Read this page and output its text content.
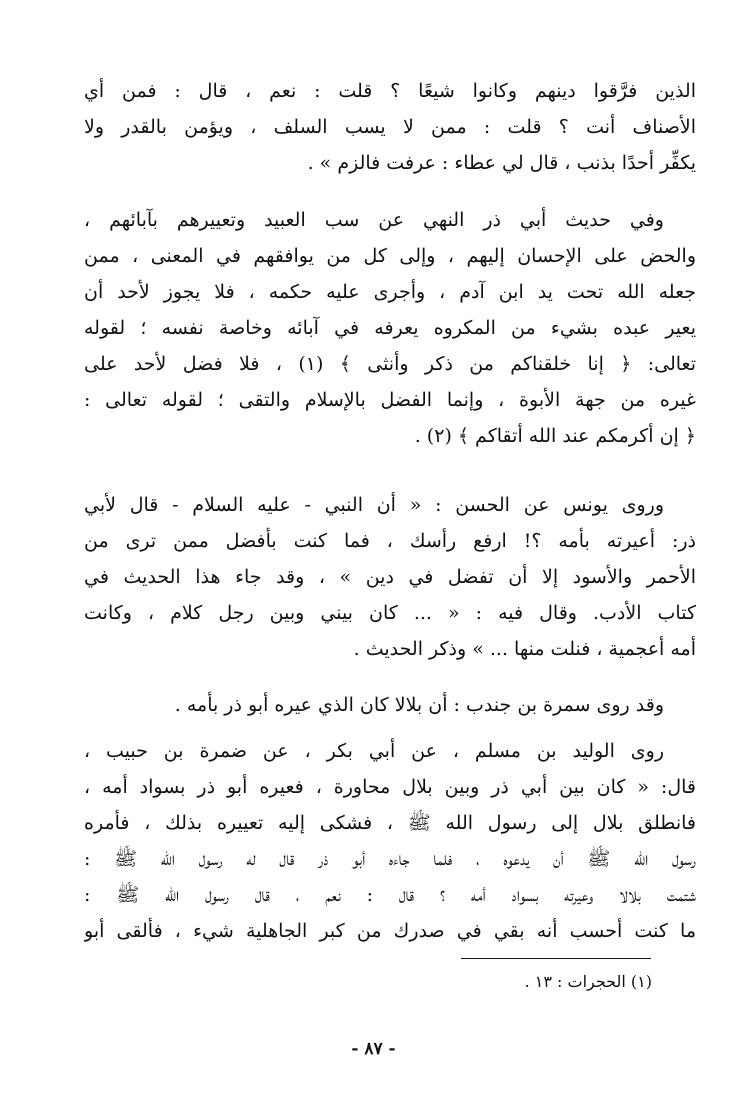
الذين فرَّقوا دينهم وكانوا شيعًا ؟ قلت : نعم ، قال : فمن أي
الأصناف أنت ؟ قلت : ممن لا يسب السلف ، ويؤمن بالقدر ولا
يكفِّر أحدًا بذنب ، قال لي عطاء : عرفت فالزم » .
وفي حديث أبي ذر النهي عن سب العبيد وتعييرهم بآبائهم ،
والحض على الإحسان إليهم ، وإلى كل من يوافقهم في المعنى ، ممن
جعله الله تحت يد ابن آدم ، وأجرى عليه حكمه ، فلا يجوز لأحد أن
يعير عبده بشيء من المكروه يعرفه في آبائه وخاصة نفسه ؛ لقوله
تعالى: ﴿ إنا خلقناكم من ذكر وأنثى ﴾ (١) ، فلا فضل لأحد على
غيره من جهة الأبوة ، وإنما الفضل بالإسلام والتقى ؛ لقوله تعالى :
﴿ إن أكرمكم عند الله أتقاكم ﴾ (٢) .
وروى يونس عن الحسن : « أن النبي - عليه السلام - قال لأبي
ذر: أعيرته بأمه ؟! ارفع رأسك ، فما كنت بأفضل ممن ترى من
الأحمر والأسود إلا أن تفضل في دين » ، وقد جاء هذا الحديث في
كتاب الأدب. وقال فيه : « ... كان بيني وبين رجل كلام ، وكانت
أمه أعجمية ، فنلت منها ... » وذكر الحديث .
وقد روى سمرة بن جندب : أن بلالا كان الذي عيره أبو ذر بأمه .
روى الوليد بن مسلم ، عن أبي بكر ، عن ضمرة بن حبيب ،
قال: « كان بين أبي ذر وبين بلال محاورة ، فعيره أبو ذر بسواد أمه ،
فانطلق بلال إلى رسول الله ﷺ ، فشكى إليه تعييره بذلك ، فأمره
رسول الله ﷺ أن يدعوه ، فلما جاءه أبو ذر قال له رسول الله ﷺ :
شتمت بلالا وعيرته بسواد أمه ؟ قال : نعم ، قال رسول الله ﷺ :
ما كنت أحسب أنه بقي في صدرك من كبر الجاهلية شيء ، فألقى أبو
(١) الحجرات : ١٣ .
- ٨٧ -
